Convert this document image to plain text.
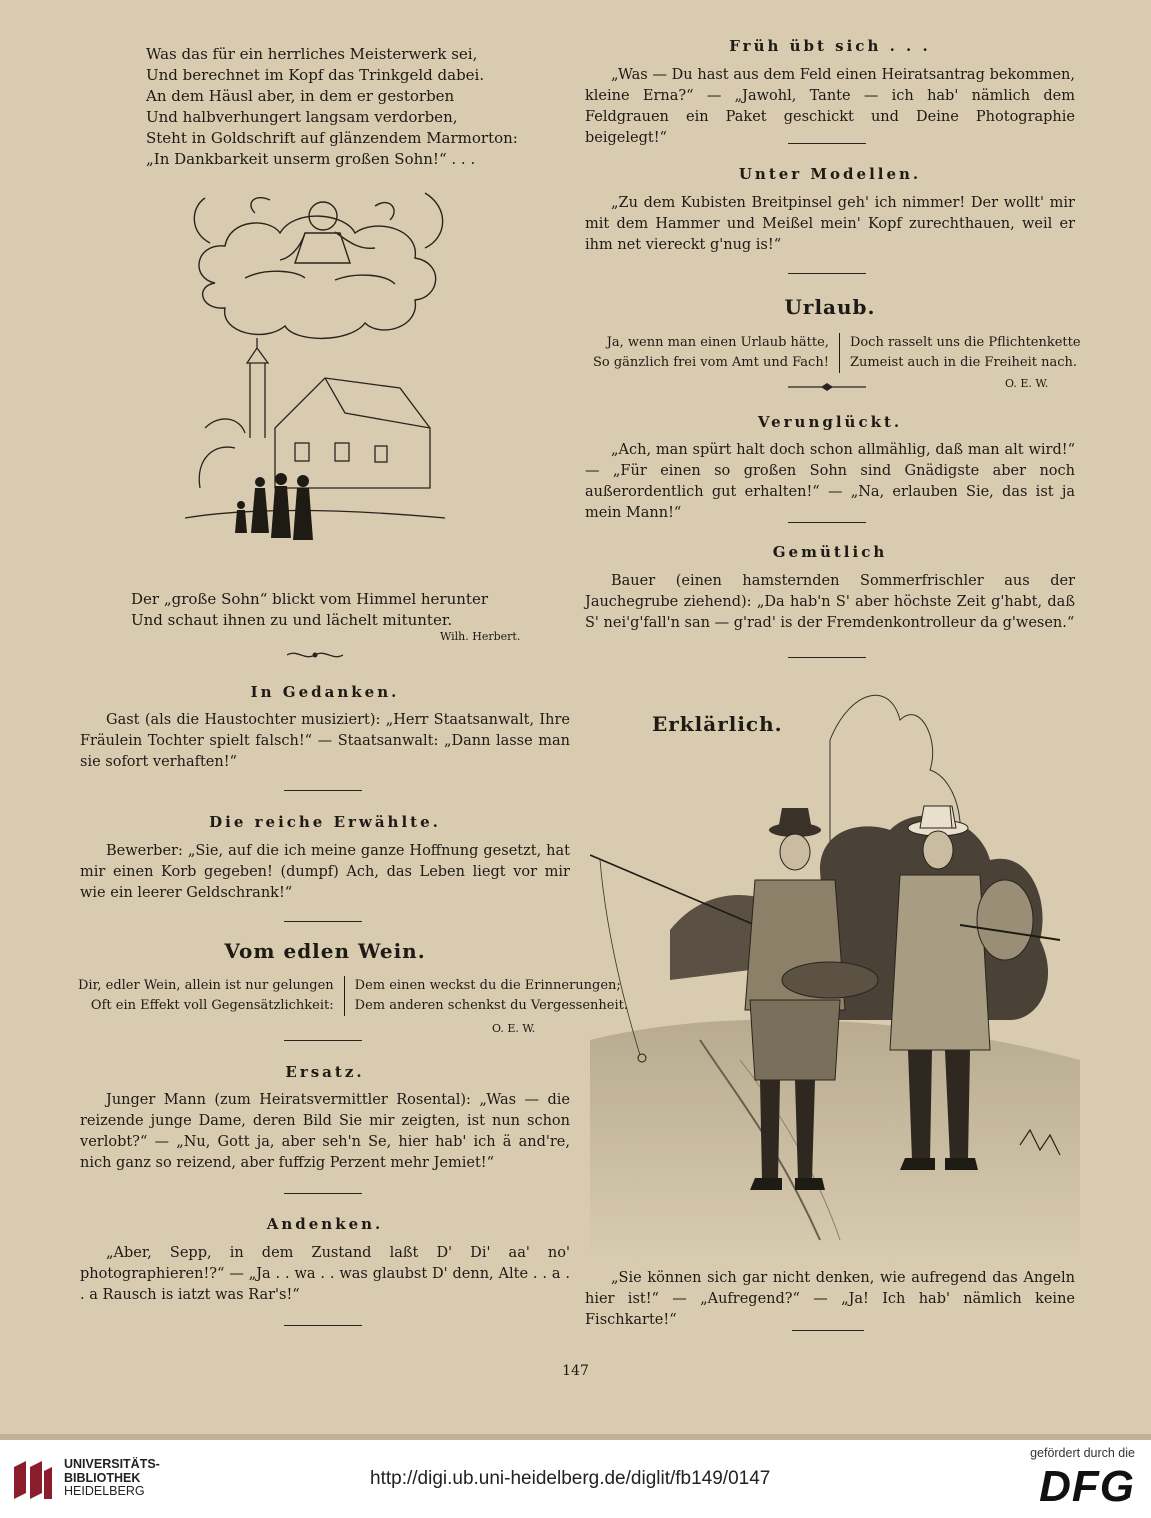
Was das für ein herrliches Meisterwerk sei,
Und berechnet im Kopf das Trinkgeld dabei.
An dem Häusl aber, in dem er gestorben
Und halbverhungert langsam verdorben,
Steht in Goldschrift auf glänzendem Marmorton:
„In Dankbarkeit unserm großen Sohn!“ . . .
Der „große Sohn“ blickt vom Himmel herunter
Und schaut ihnen zu und lächelt mitunter.
Wilh. Herbert.
In Gedanken.
Gast (als die Haustochter musiziert): „Herr Staatsanwalt, Ihre Fräulein Tochter spielt falsch!“ — Staatsanwalt: „Dann lasse man sie sofort verhaften!“
Die reiche Erwählte.
Bewerber: „Sie, auf die ich meine ganze Hoffnung gesetzt, hat mir einen Korb gegeben! (dumpf) Ach, das Leben liegt vor mir wie ein leerer Geldschrank!“
Vom edlen Wein.
Dir, edler Wein, allein ist nur gelungen
Oft ein Effekt voll Gegensätzlichkeit:
Dem einen weckst du die Erinnerungen;
Dem anderen schenkst du Vergessenheit.
O. E. W.
Ersatz.
Junger Mann (zum Heiratsvermittler Rosental): „Was — die reizende junge Dame, deren Bild Sie mir zeigten, ist nun schon verlobt?“ — „Nu, Gott ja, aber seh'n Se, hier hab' ich ä and're, nich ganz so reizend, aber fuffzig Perzent mehr Jemiet!“
Andenken.
„Aber, Sepp, in dem Zustand laßt D' Di' aa' no' photographieren!?“ — „Ja . . wa . . was glaubst D' denn, Alte . . a . . a Rausch is iatzt was Rar's!“
Früh übt sich . . .
„Was — Du hast aus dem Feld einen Heiratsantrag bekommen, kleine Erna?“ — „Jawohl, Tante — ich hab' nämlich dem Feldgrauen ein Paket geschickt und Deine Photographie beigelegt!“
Unter Modellen.
„Zu dem Kubisten Breitpinsel geh' ich nimmer! Der wollt' mir mit dem Hammer und Meißel mein' Kopf zurechthauen, weil er ihm net viereckt g'nug is!“
Urlaub.
Ja, wenn man einen Urlaub hätte,
So gänzlich frei vom Amt und Fach!
Doch rasselt uns die Pflichtenkette
Zumeist auch in die Freiheit nach.
O. E. W.
Verunglückt.
„Ach, man spürt halt doch schon allmählig, daß man alt wird!“ — „Für einen so großen Sohn sind Gnädigste aber noch außerordentlich gut erhalten!“ — „Na, erlauben Sie, das ist ja mein Mann!“
Gemütlich
Bauer (einen hamsternden Sommerfrischler aus der Jauchegrube ziehend): „Da hab'n S' aber höchste Zeit g'habt, daß S' nei'g'fall'n san — g'rad' is der Fremdenkontrolleur da g'wesen.“
Erklärlich.
„Sie können sich gar nicht denken, wie aufregend das Angeln hier ist!“ — „Aufregend?“ — „Ja! Ich hab' nämlich keine Fischkarte!“
147
UNIVERSITÄTS-
BIBLIOTHEK
HEIDELBERG
http://digi.ub.uni-heidelberg.de/diglit/fb149/0147
gefördert durch die
DFG
